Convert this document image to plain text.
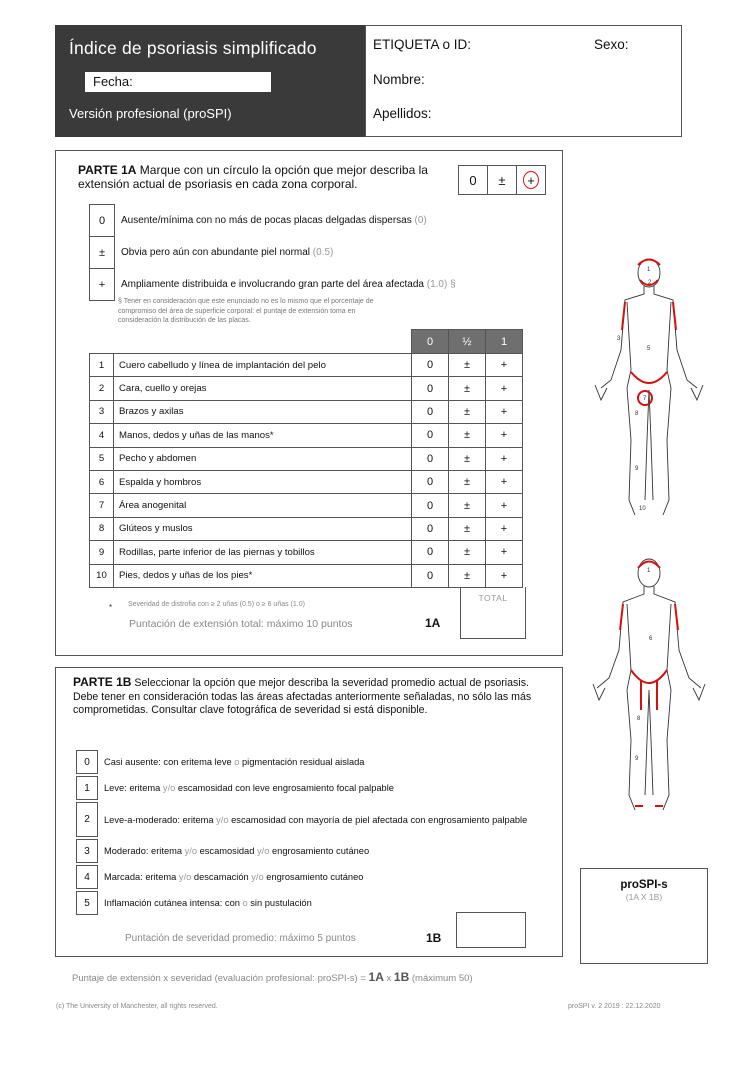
Índice de psoriasis simplificado
Fecha:
Versión profesional (proSPI)
ETIQUETA o ID:	Sexo:
Nombre:
Apellidos:
PARTE 1A Marque con un círculo la opción que mejor describa la extensión actual de psoriasis en cada zona corporal.	0	±	+
0	Ausente/mínima con no más de pocas placas delgadas dispersas (0)
±	Obvia pero aún con abundante piel normal (0.5)
+	Ampliamente distribuida e involucrando gran parte del área afectada (1.0) §
§ Tener en consideración que este enunciado no es lo mismo que el porcentaje de compromiso del área de superficie corporal: el puntaje de extensión toma en consideración la distribución de las placas.
		0	½	1
1	Cuero cabelludo y línea de implantación del pelo	0	±	+
2	Cara, cuello y orejas	0	±	+
3	Brazos y axilas	0	±	+
4	Manos, dedos y uñas de las manos*	0	±	+
5	Pecho y abdomen	0	±	+
6	Espalda y hombros	0	±	+
7	Área anogenital	0	±	+
8	Glúteos y muslos	0	±	+
9	Rodillas, parte inferior de las piernas y tobillos	0	±	+
10	Pies, dedos y uñas de los pies*	0	±	+
TOTAL
* Severidad de distrofia con ≥ 2 uñas (0.5) o ≥ 6 uñas (1.0)
Puntación de extensión total: máximo 10 puntos	1A
1
2
3
5
7
8
9
10
1
6
8
9
PARTE 1B Seleccionar la opción que mejor describa la severidad promedio actual de psoriasis. Debe tener en consideración todas las áreas afectadas anteriormente señaladas, no sólo las más comprometidas. Consultar clave fotográfica de severidad si está disponible.
0	Casi ausente: con eritema leve o pigmentación residual aislada

1	Leve: eritema y/o escamosidad con leve engrosamiento focal palpable

2	Leve-a-moderado: eritema y/o escamosidad con mayoría de piel afectada con engrosamiento palpable

3	Moderado: eritema y/o escamosidad y/o engrosamiento cutáneo

4	Marcada: eritema y/o descamación y/o engrosamiento cutáneo

5	Inflamación cutánea intensa: con o sin pustulación
Puntación de severidad promedio: máximo 5 puntos	1B
proSPI-s
(1A X 1B)
Puntaje de extensión x severidad (evaluación profesional: proSPI-s) = 1A x 1B (máximum 50)
(c) The University of Manchester, all rights reserved.	proSPI v. 2 2019 : 22.12.2020
